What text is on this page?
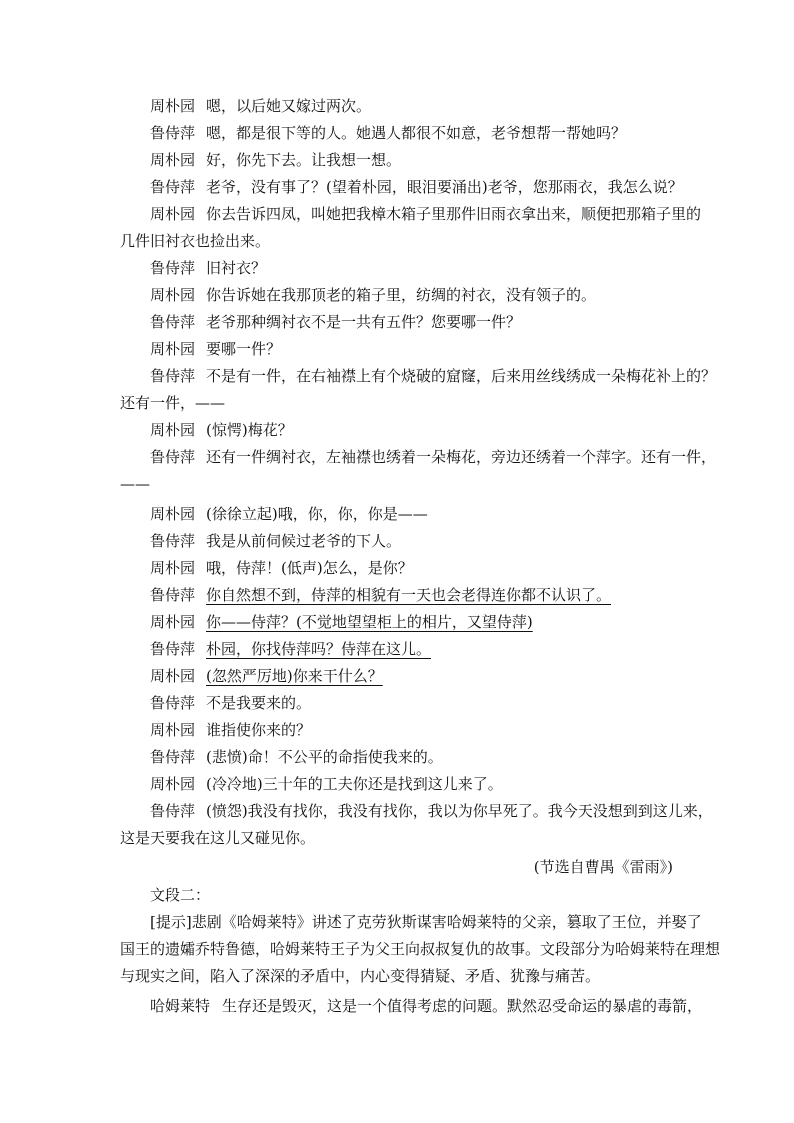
周朴园 嗯，以后她又嫁过两次。
鲁侍萍 嗯，都是很下等的人。她遇人都很不如意，老爷想帮一帮她吗？
周朴园 好，你先下去。让我想一想。
鲁侍萍 老爷，没有事了？(望着朴园，眼泪要涌出)老爷，您那雨衣，我怎么说？
周朴园 你去告诉四凤，叫她把我樟木箱子里那件旧雨衣拿出来，顺便把那箱子里的
几件旧衬衣也捡出来。
鲁侍萍 旧衬衣？
周朴园 你告诉她在我那顶老的箱子里，纺绸的衬衣，没有领子的。
鲁侍萍 老爷那种绸衬衣不是一共有五件？您要哪一件？
周朴园 要哪一件？
鲁侍萍 不是有一件，在右袖襟上有个烧破的窟窿，后来用丝线绣成一朵梅花补上的？
还有一件，——
周朴园 (惊愕)梅花？
鲁侍萍 还有一件绸衬衣，左袖襟也绣着一朵梅花，旁边还绣着一个萍字。还有一件，
——
周朴园 (徐徐立起)哦，你，你，你是——
鲁侍萍 我是从前伺候过老爷的下人。
周朴园 哦，侍萍！(低声)怎么，是你？
鲁侍萍 你自然想不到，侍萍的相貌有一天也会老得连你都不认识了。
周朴园 你——侍萍？(不觉地望望柜上的相片，又望侍萍)
鲁侍萍 朴园，你找侍萍吗？侍萍在这儿。
周朴园 (忽然严厉地)你来干什么？
鲁侍萍 不是我要来的。
周朴园 谁指使你来的？
鲁侍萍 (悲愤)命！不公平的命指使我来的。
周朴园 (冷冷地)三十年的工夫你还是找到这儿来了。
鲁侍萍 (愤怨)我没有找你，我没有找你，我以为你早死了。我今天没想到到这儿来，
这是天要我在这儿又碰见你。
(节选自曹禺《雷雨》)
文段二：
[提示]悲剧《哈姆莱特》讲述了克劳狄斯谋害哈姆莱特的父亲，篡取了王位，并娶了
国王的遗孀乔特鲁德，哈姆莱特王子为父王向叔叔复仇的故事。文段部分为哈姆莱特在理想
与现实之间，陷入了深深的矛盾中，内心变得猜疑、矛盾、犹豫与痛苦。
哈姆莱特 生存还是毁灭，这是一个值得考虑的问题。默然忍受命运的暴虐的毒箭，
